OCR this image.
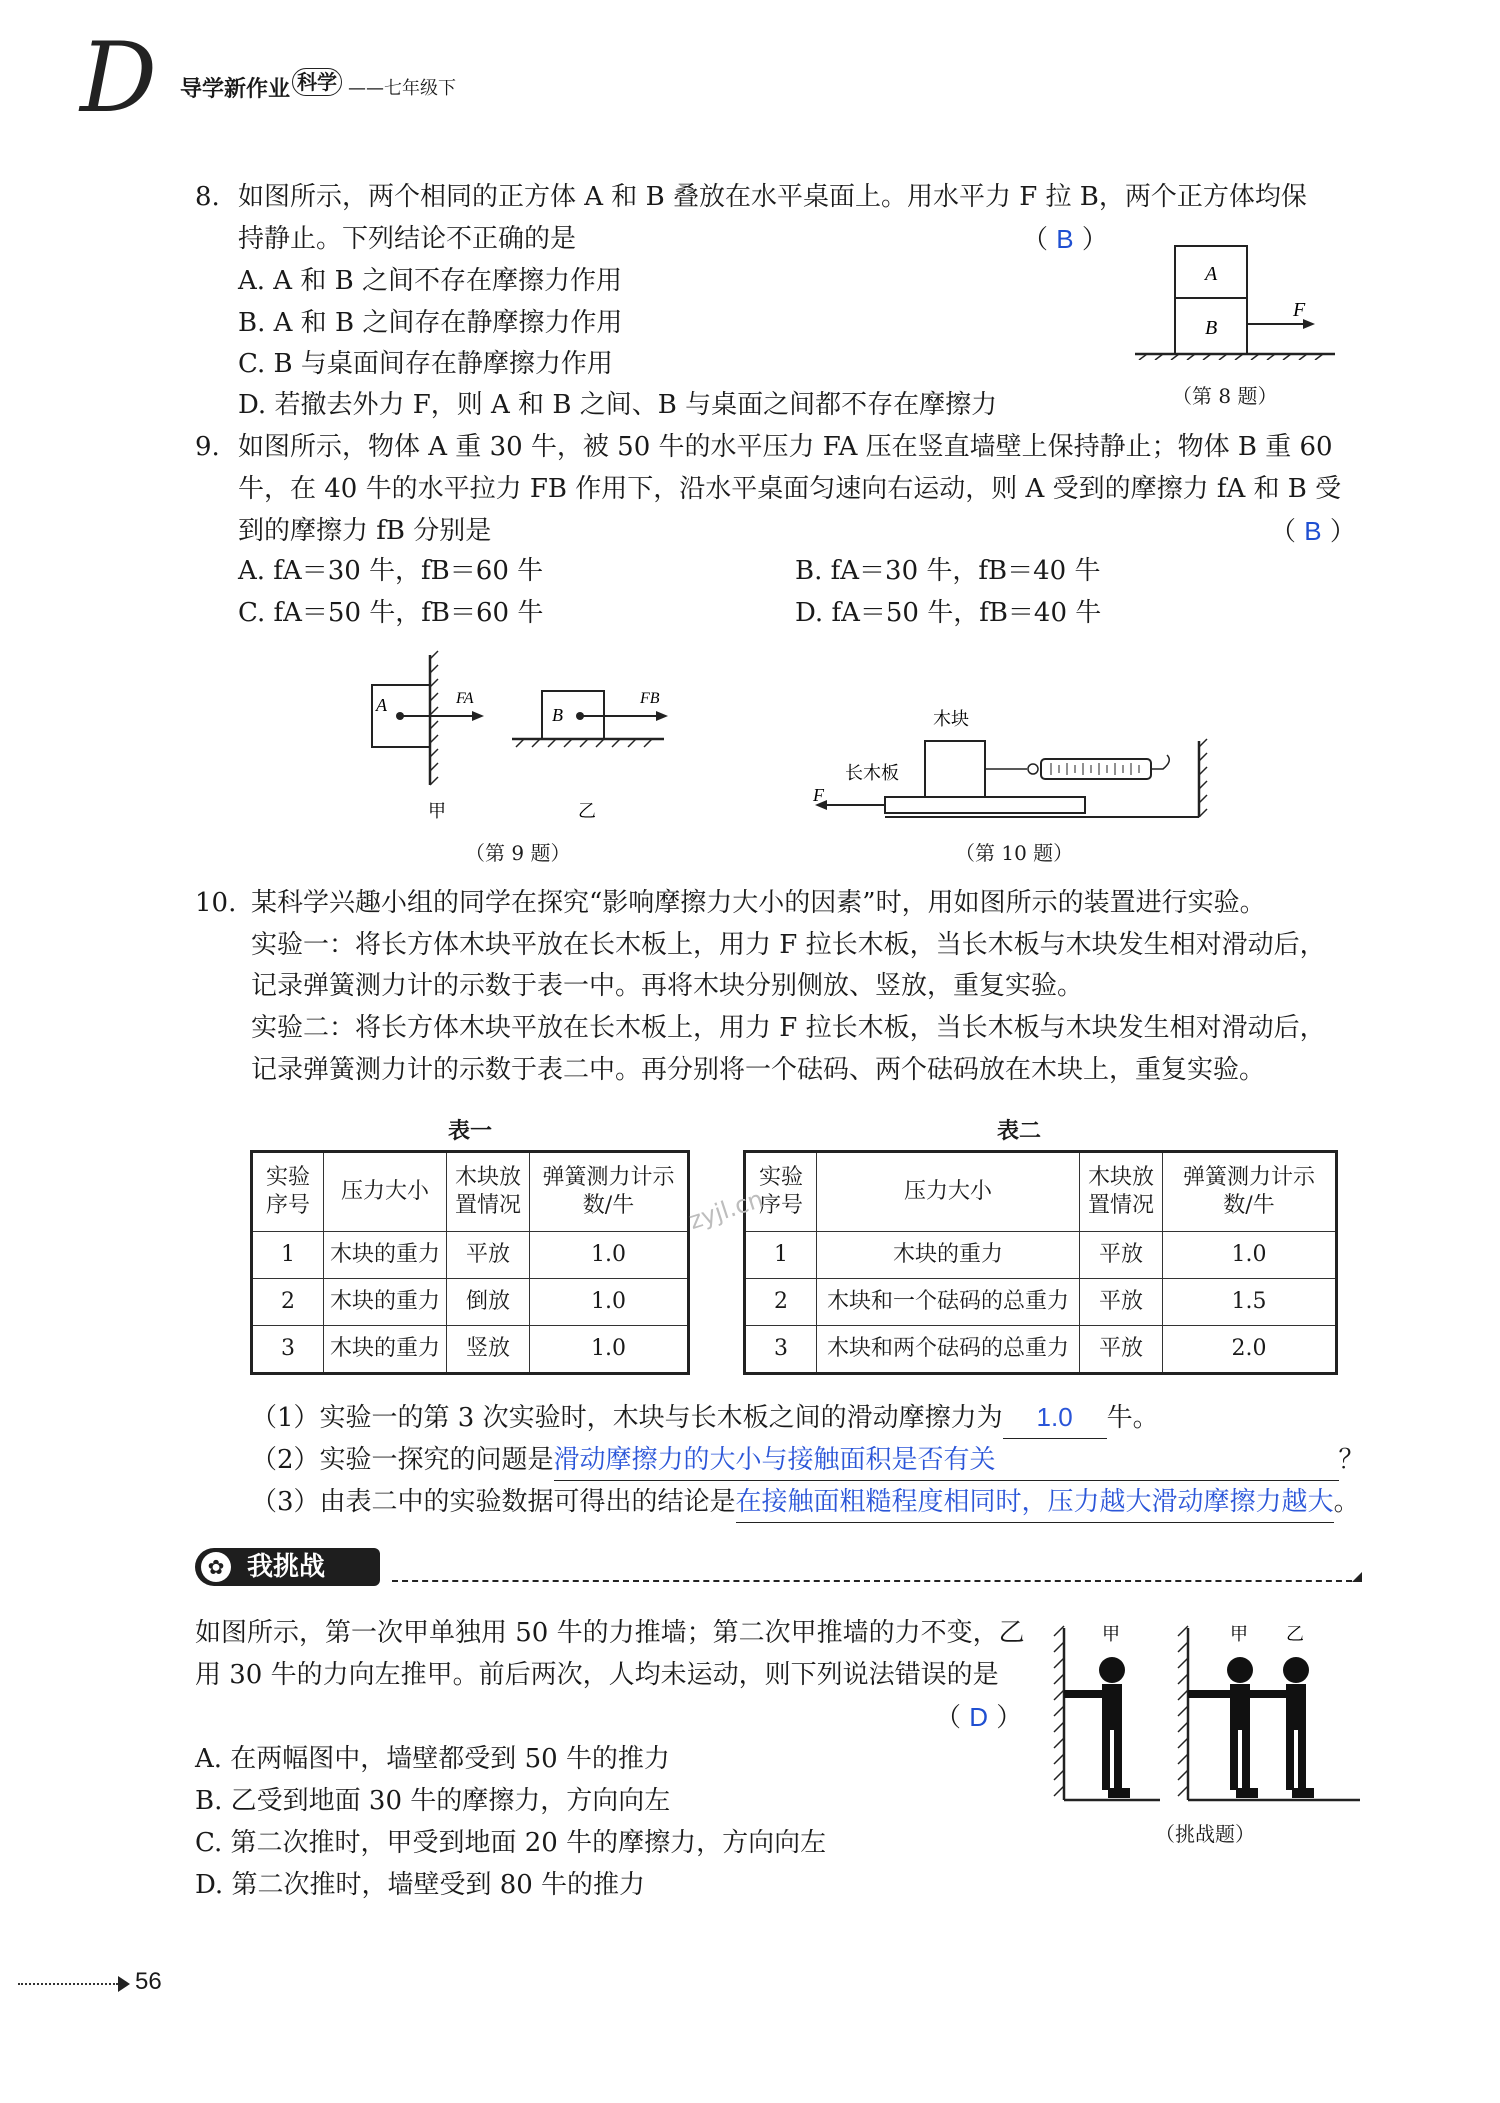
D 导学新作业 科学 ——七年级下
8. 如图所示，两个相同的正方体 A 和 B 叠放在水平桌面上。用水平力 F 拉 B，两个正方体均保
持静止。下列结论不正确的是	（ B ）
A. A 和 B 之间不存在摩擦力作用
B. A 和 B 之间存在静摩擦力作用
C. B 与桌面间存在静摩擦力作用
D. 若撤去外力 F，则 A 和 B 之间、B 与桌面之间都不存在摩擦力
A
B
F
（第 8 题）
9. 如图所示，物体 A 重 30 牛，被 50 牛的水平压力 FA 压在竖直墙壁上保持静止；物体 B 重 60
牛，在 40 牛的水平拉力 FB 作用下，沿水平桌面匀速向右运动，则 A 受到的摩擦力 fA 和 B 受
到的摩擦力 fB 分别是	（ B ）
A. fA＝30 牛，fB＝60 牛	B. fA＝30 牛，fB＝40 牛
C. fA＝50 牛，fB＝60 牛	D. fA＝50 牛，fB＝40 牛
A	FA
B
FB
甲	乙
（第 9 题）
木块
长木板
F
（第 10 题）
10. 某科学兴趣小组的同学在探究“影响摩擦力大小的因素”时，用如图所示的装置进行实验。
实验一：将长方体木块平放在长木板上，用力 F 拉长木板，当长木板与木块发生相对滑动后，
记录弹簧测力计的示数于表一中。再将木块分别侧放、竖放，重复实验。
实验二：将长方体木块平放在长木板上，用力 F 拉长木板，当长木板与木块发生相对滑动后，
记录弹簧测力计的示数于表二中。再分别将一个砝码、两个砝码放在木块上，重复实验。
表一
实验序号	压力大小	木块放置情况	弹簧测力计示数/牛
1	木块的重力	平放	1.0
2	木块的重力	倒放	1.0
3	木块的重力	竖放	1.0
表二
实验序号	压力大小	木块放置情况	弹簧测力计示数/牛
1	木块的重力	平放	1.0
2	木块和一个砝码的总重力	平放	1.5
3	木块和两个砝码的总重力	平放	2.0
zyjl.cn
（1）实验一的第 3 次实验时，木块与长木板之间的滑动摩擦力为 1.0 牛。
（2）实验一探究的问题是滑动摩擦力的大小与接触面积是否有关	？
（3）由表二中的实验数据可得出的结论是在接触面粗糙程度相同时，压力越大滑动摩擦力越大。
✿ 我挑战
如图所示，第一次甲单独用 50 牛的力推墙；第二次甲推墙的力不变，乙
用 30 牛的力向左推甲。前后两次，人均未运动，则下列说法错误的是
（ D ）
A. 在两幅图中，墙壁都受到 50 牛的推力
B. 乙受到地面 30 牛的摩擦力，方向向左
C. 第二次推时，甲受到地面 20 牛的摩擦力，方向向左
D. 第二次推时，墙壁受到 80 牛的推力
甲	甲 乙
（挑战题）
56
